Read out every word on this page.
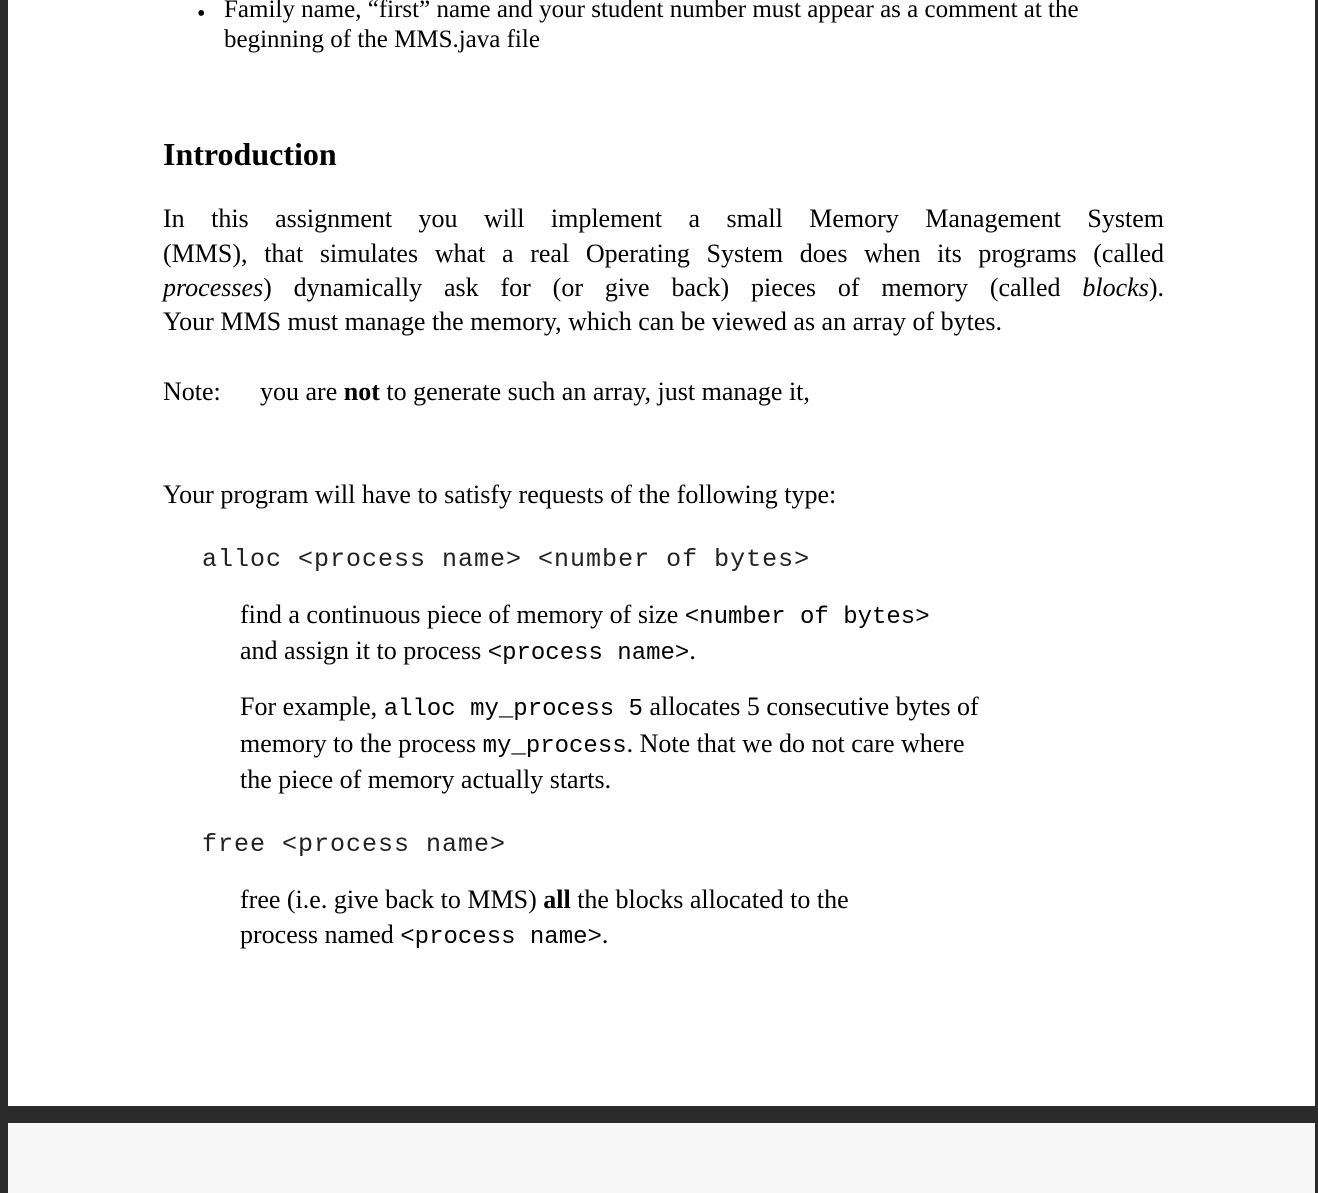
• Family name, “first” name and your student number must appear as a comment at the
beginning of the MMS.java file
Introduction
In this assignment you will implement a small Memory Management System
(MMS), that simulates what a real Operating System does when its programs (called
processes) dynamically ask for (or give back) pieces of memory (called blocks).
Your MMS must manage the memory, which can be viewed as an array of bytes.
Note: you are not to generate such an array, just manage it,
Your program will have to satisfy requests of the following type:
alloc <process name> <number of bytes>
find a continuous piece of memory of size <number of bytes>
and assign it to process <process name>.
For example, alloc my_process 5 allocates 5 consecutive bytes of
memory to the process my_process. Note that we do not care where
the piece of memory actually starts.
free <process name>
free (i.e. give back to MMS) all the blocks allocated to the
process named <process name>.
